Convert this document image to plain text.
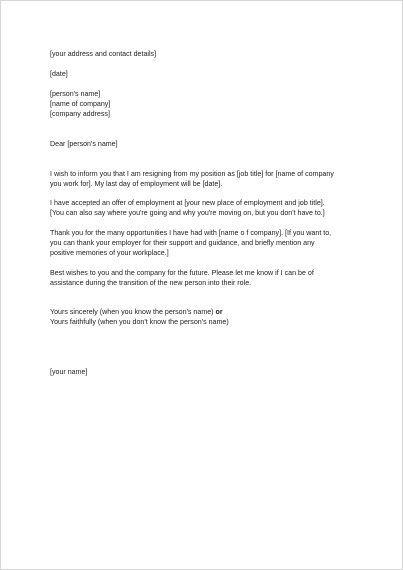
[your address and contact details]
[date]
[person's name]
[name of company]
[company address]
Dear [person's name]
I wish to inform you that I am resigning from my position as [job title] for [name of company
you work for]. My last day of employment will be [date].
I have accepted an offer of employment at [your new place of employment and job title].
[You can also say where you're going and why you're moving on, but you don't have to.]
Thank you for the many opportunities I have had with [name o f company]. [If you want to,
you can thank your employer for their support and guidance, and briefly mention any
positive memories of your workplace.]
Best wishes to you and the company for the future. Please let me know if I can be of
assistance during the transition of the new person into their role.
Yours sincerely (when you know the person's name) or
Yours faithfully (when you don't know the person's name)
[your name]
